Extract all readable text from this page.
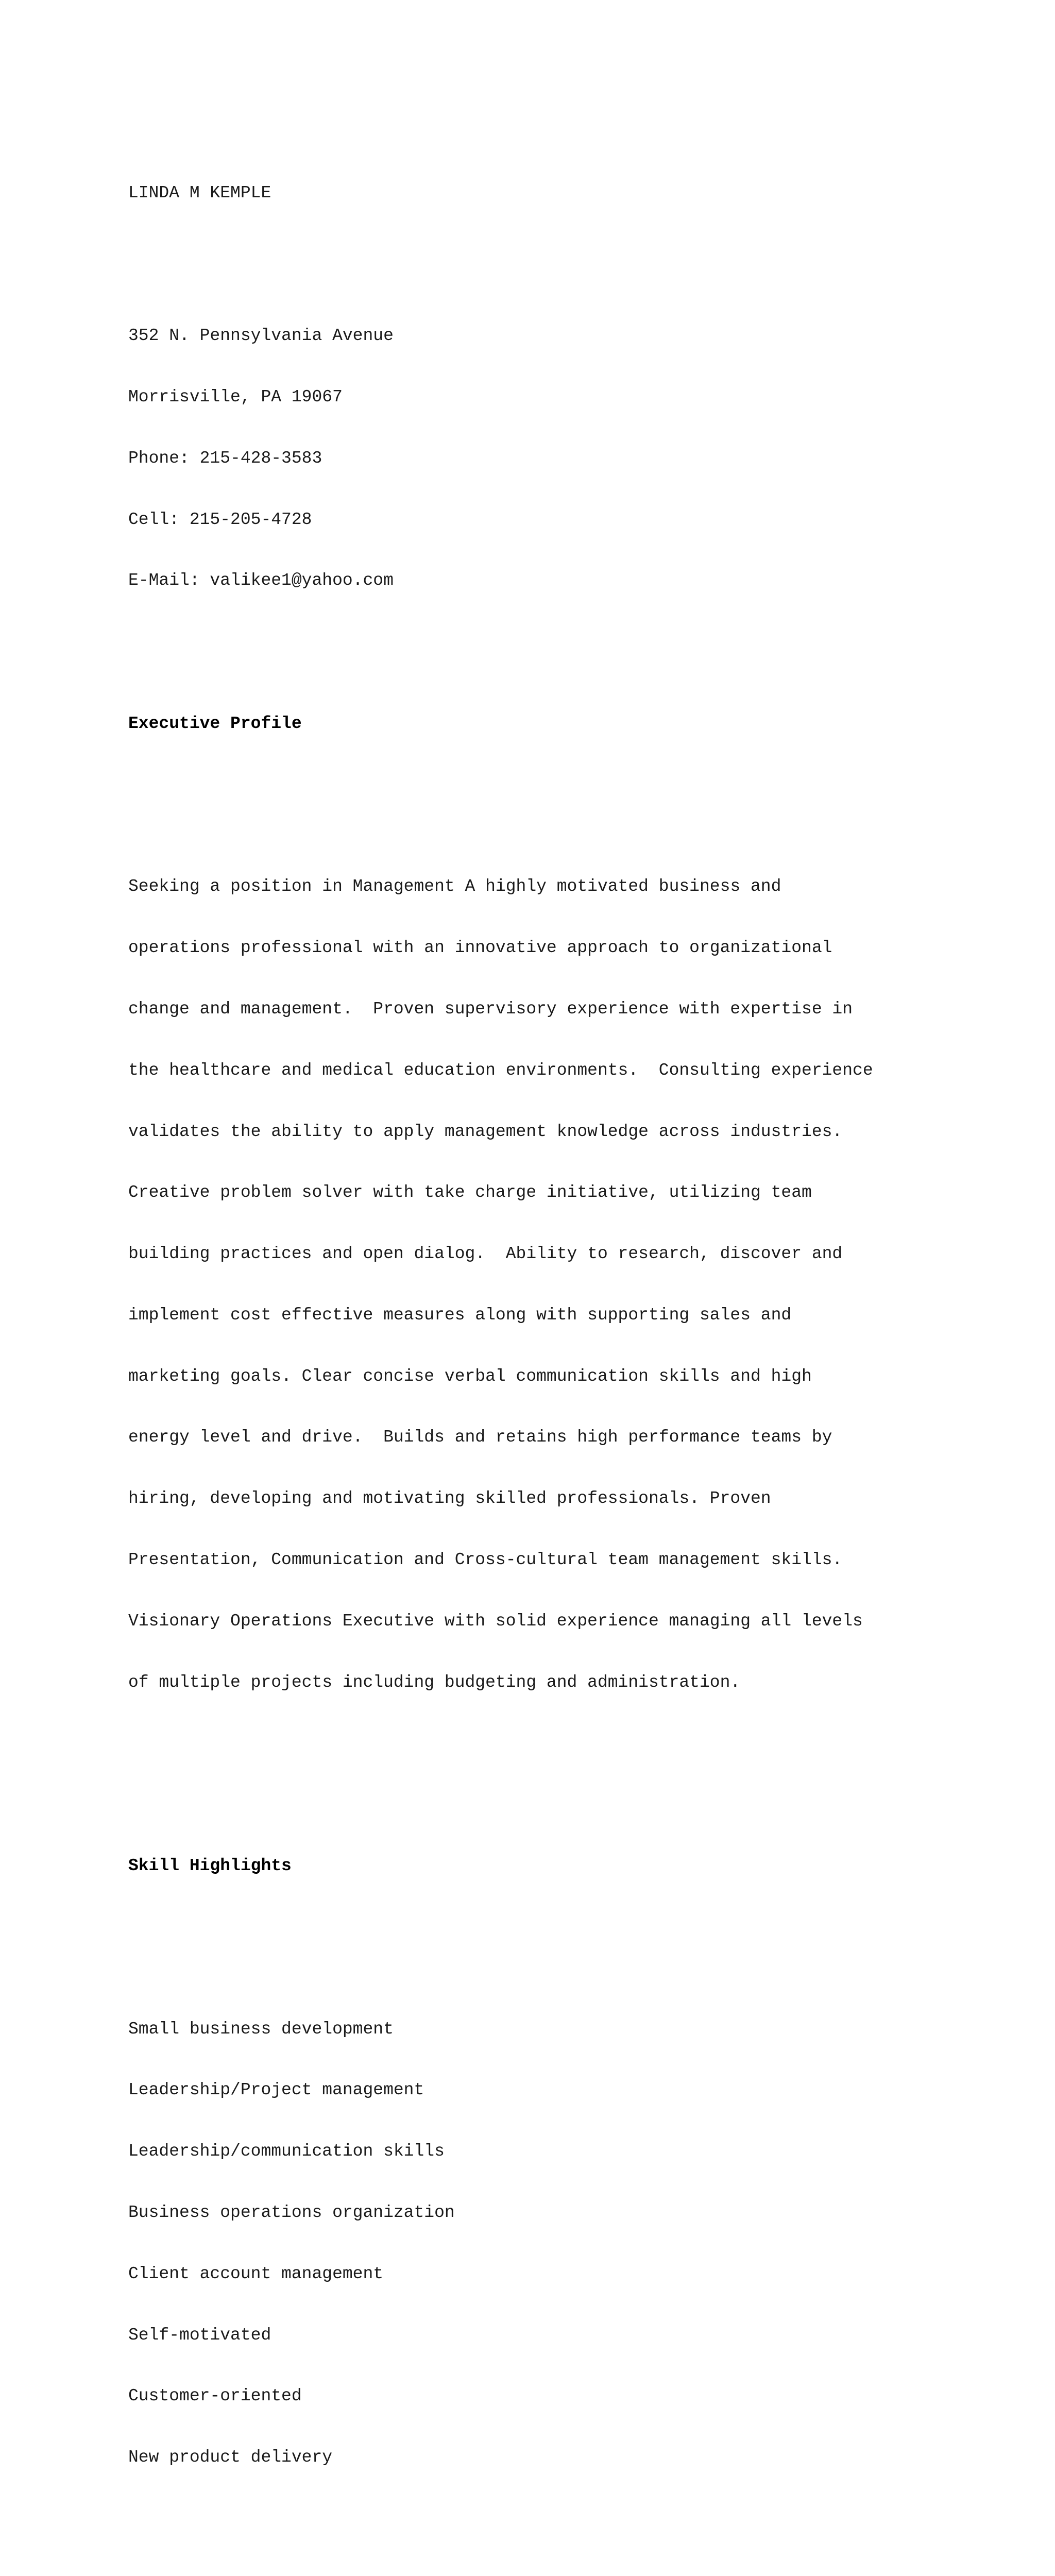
LINDA M KEMPLE

352 N. Pennsylvania Avenue

Morrisville, PA 19067

Phone: 215-428-3583

Cell: 215-205-4728

E-Mail: valikee1@yahoo.com

Executive Profile

Seeking a position in Management A highly motivated business and

operations professional with an innovative approach to organizational

change and management.  Proven supervisory experience with expertise in

the healthcare and medical education environments.  Consulting experience

validates the ability to apply management knowledge across industries.

Creative problem solver with take charge initiative, utilizing team

building practices and open dialog.  Ability to research, discover and

implement cost effective measures along with supporting sales and

marketing goals. Clear concise verbal communication skills and high

energy level and drive.  Builds and retains high performance teams by

hiring, developing and motivating skilled professionals. Proven

Presentation, Communication and Cross-cultural team management skills.

Visionary Operations Executive with solid experience managing all levels

of multiple projects including budgeting and administration.

Skill Highlights

Small business development

Leadership/Project management

Leadership/communication skills

Business operations organization

Client account management

Self-motivated

Customer-oriented

New product delivery
